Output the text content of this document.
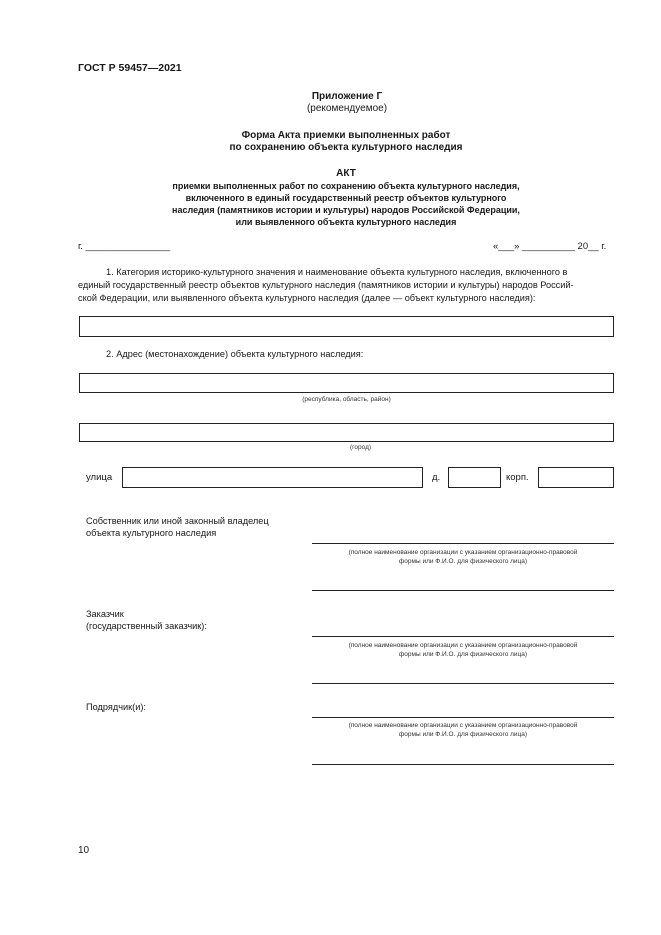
ГОСТ Р 59457—2021
Приложение Г
(рекомендуемое)
Форма Акта приемки выполненных работ
по сохранению объекта культурного наследия
АКТ
приемки выполненных работ по сохранению объекта культурного наследия,
включенного в единый государственный реестр объектов культурного
наследия (памятников истории и культуры) народов Российской Федерации,
или выявленного объекта культурного наследия
г. ________________	«___» __________ 20__ г.
1. Категория историко-культурного значения и наименование объекта культурного наследия, включенного в
единый государственный реестр объектов культурного наследия (памятников истории и культуры) народов Россий-
ской Федерации, или выявленного объекта культурного наследия (далее — объект культурного наследия):
2. Адрес (местонахождение) объекта культурного наследия:
(республика, область, район)
(город)
улица	д.	корп.
Собственник или иной законный владелец
объекта культурного наследия
(полное наименование организации с указанием организационно-правовой
формы или Ф.И.О. для физического лица)
Заказчик
(государственный заказчик):
(полное наименование организации с указанием организационно-правовой
формы или Ф.И.О. для физического лица)
Подрядчик(и):
(полное наименование организации с указанием организационно-правовой
формы или Ф.И.О. для физического лица)
10
